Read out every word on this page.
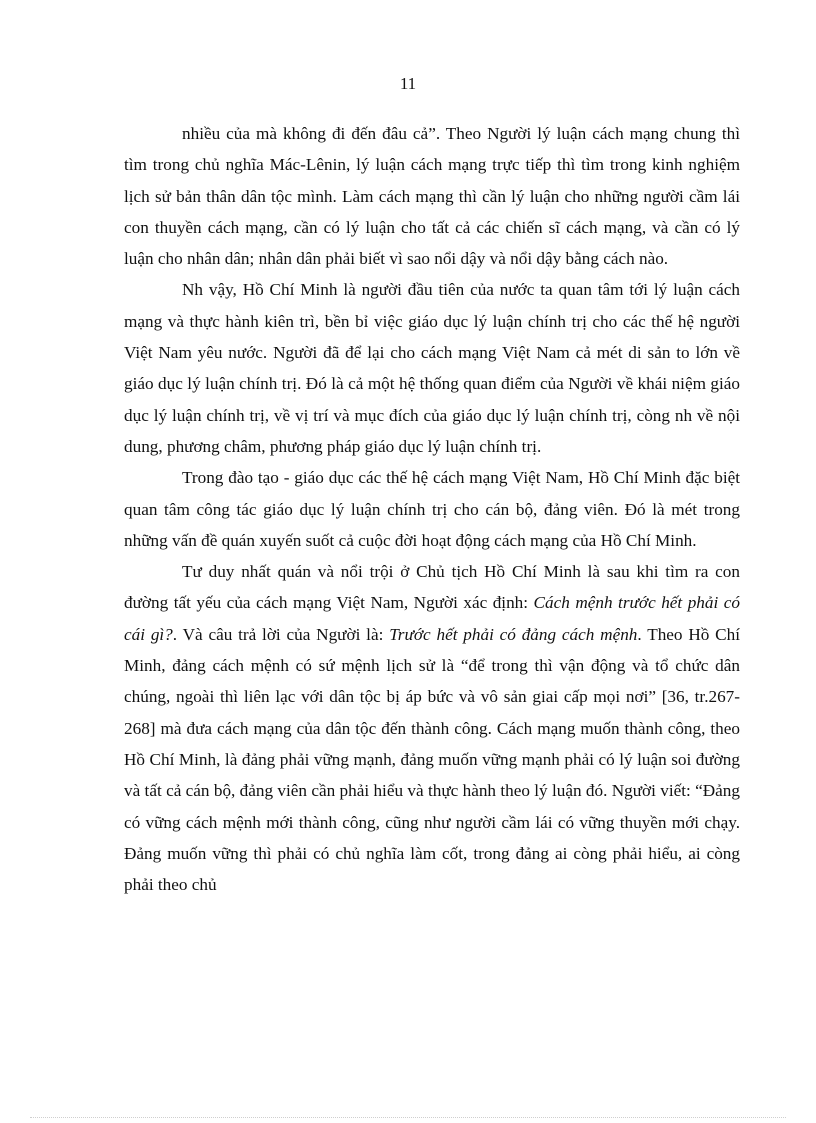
11

nhiều của mà không đi đến đâu cả”. Theo Người lý luận cách mạng chung thì tìm trong chủ nghĩa Mác-Lênin, lý luận cách mạng trực tiếp thì tìm trong kinh nghiệm lịch sử bản thân dân tộc mình. Làm cách mạng thì cần lý luận cho những người cầm lái con thuyền cách mạng, cần có lý luận cho tất cả các chiến sĩ cách mạng, và cần có lý luận cho nhân dân; nhân dân phải biết vì sao nổi dậy và nổi dậy bằng cách nào.

Nh vậy, Hồ Chí Minh là người đầu tiên của nước ta quan tâm tới lý luận cách mạng và thực hành kiên trì, bền bỉ việc giáo dục lý luận chính trị cho các thế hệ người Việt Nam yêu nước. Người đã để lại cho cách mạng Việt Nam cả mét di sản to lớn về giáo dục lý luận chính trị. Đó là cả một hệ thống quan điểm của Người về khái niệm giáo dục lý luận chính trị, về vị trí và mục đích của giáo dục lý luận chính trị, còng nh về nội dung, phương châm, phương pháp giáo dục lý luận chính trị.

Trong đào tạo - giáo dục các thế hệ cách mạng Việt Nam, Hồ Chí Minh đặc biệt quan tâm công tác giáo dục lý luận chính trị cho cán bộ, đảng viên. Đó là mét trong những vấn đề quán xuyến suốt cả cuộc đời hoạt động cách mạng của Hồ Chí Minh.

Tư duy nhất quán và nổi trội ở Chủ tịch Hồ Chí Minh là sau khi tìm ra con đường tất yếu của cách mạng Việt Nam, Người xác định: Cách mệnh trước hết phải có cái gì?. Và câu trả lời của Người là: Trước hết phải có đảng cách mệnh. Theo Hồ Chí Minh, đảng cách mệnh có sứ mệnh lịch sử là “để trong thì vận động và tổ chức dân chúng, ngoài thì liên lạc với dân tộc bị áp bức và vô sản giai cấp mọi nơi” [36, tr.267-268] mà đưa cách mạng của dân tộc đến thành công. Cách mạng muốn thành công, theo Hồ Chí Minh, là đảng phải vững mạnh, đảng muốn vững mạnh phải có lý luận soi đường và tất cả cán bộ, đảng viên cần phải hiểu và thực hành theo lý luận đó. Người viết: “Đảng có vững cách mệnh mới thành công, cũng như người cầm lái có vững thuyền mới chạy. Đảng muốn vững thì phải có chủ nghĩa làm cốt, trong đảng ai còng phải hiểu, ai còng phải theo chủ
